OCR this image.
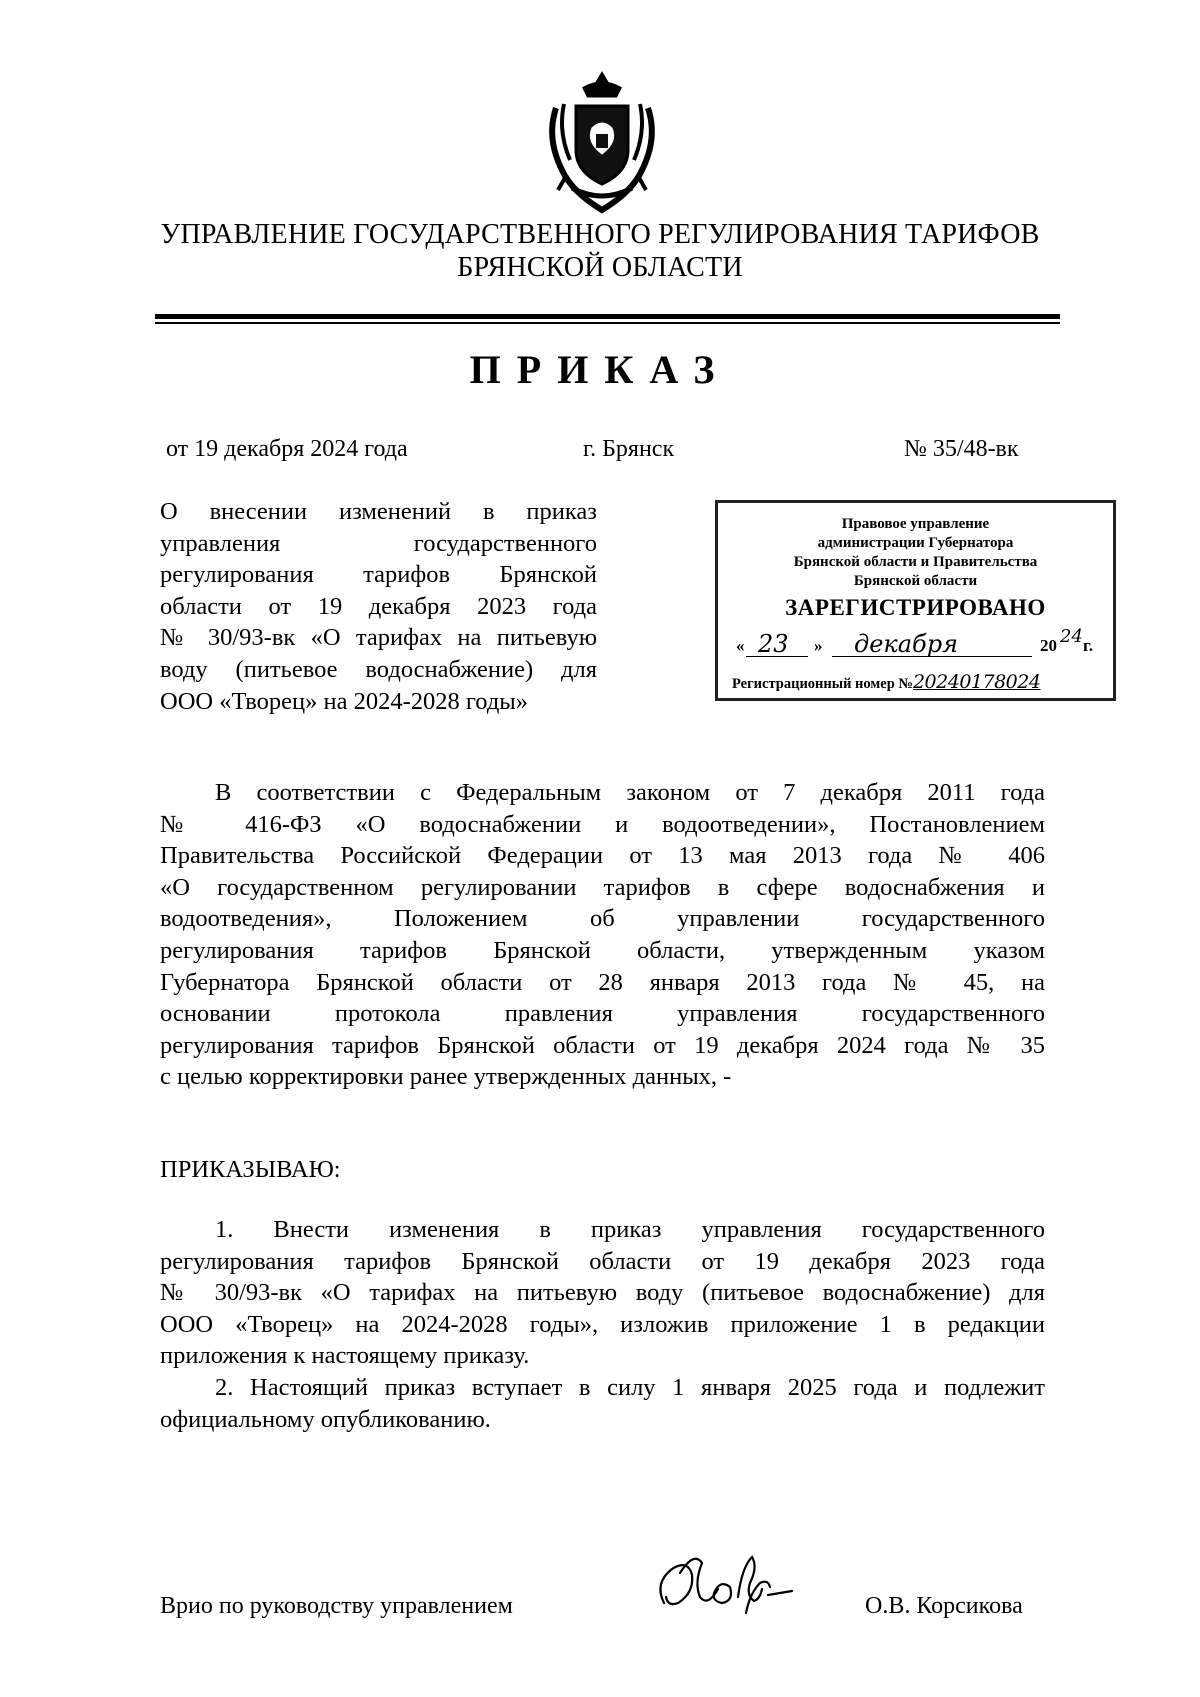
УПРАВЛЕНИЕ ГОСУДАРСТВЕННОГО РЕГУЛИРОВАНИЯ ТАРИФОВ
БРЯНСКОЙ ОБЛАСТИ
ПРИКАЗ
от 19 декабря 2024 года	г. Брянск	№ 35/48-вк
О внесении изменений в приказ
управления государственного
регулирования тарифов Брянской
области от 19 декабря 2023 года
№ 30/93-вк «О тарифах на питьевую
воду (питьевое водоснабжение) для
ООО «Творец» на 2024-2028 годы»
Правовое управление
администрации Губернатора
Брянской области и Правительства
Брянской области
ЗАРЕГИСТРИРОВАНО
« 23 » декабря	20 24 г.
Регистрационный номер №20240178024
В соответствии с Федеральным законом от 7 декабря 2011 года
№ 416-ФЗ «О водоснабжении и водоотведении», Постановлением
Правительства Российской Федерации от 13 мая 2013 года № 406
«О государственном регулировании тарифов в сфере водоснабжения и
водоотведения», Положением об управлении государственного
регулирования тарифов Брянской области, утвержденным указом
Губернатора Брянской области от 28 января 2013 года № 45, на
основании протокола правления управления государственного
регулирования тарифов Брянской области от 19 декабря 2024 года № 35
с целью корректировки ранее утвержденных данных, -
ПРИКАЗЫВАЮ:
1. Внести изменения в приказ управления государственного
регулирования тарифов Брянской области от 19 декабря 2023 года
№ 30/93-вк «О тарифах на питьевую воду (питьевое водоснабжение) для
ООО «Творец» на 2024-2028 годы», изложив приложение 1 в редакции
приложения к настоящему приказу.
2. Настоящий приказ вступает в силу 1 января 2025 года и подлежит
официальному опубликованию.
Врио по руководству управлением	О.В. Корсикова
